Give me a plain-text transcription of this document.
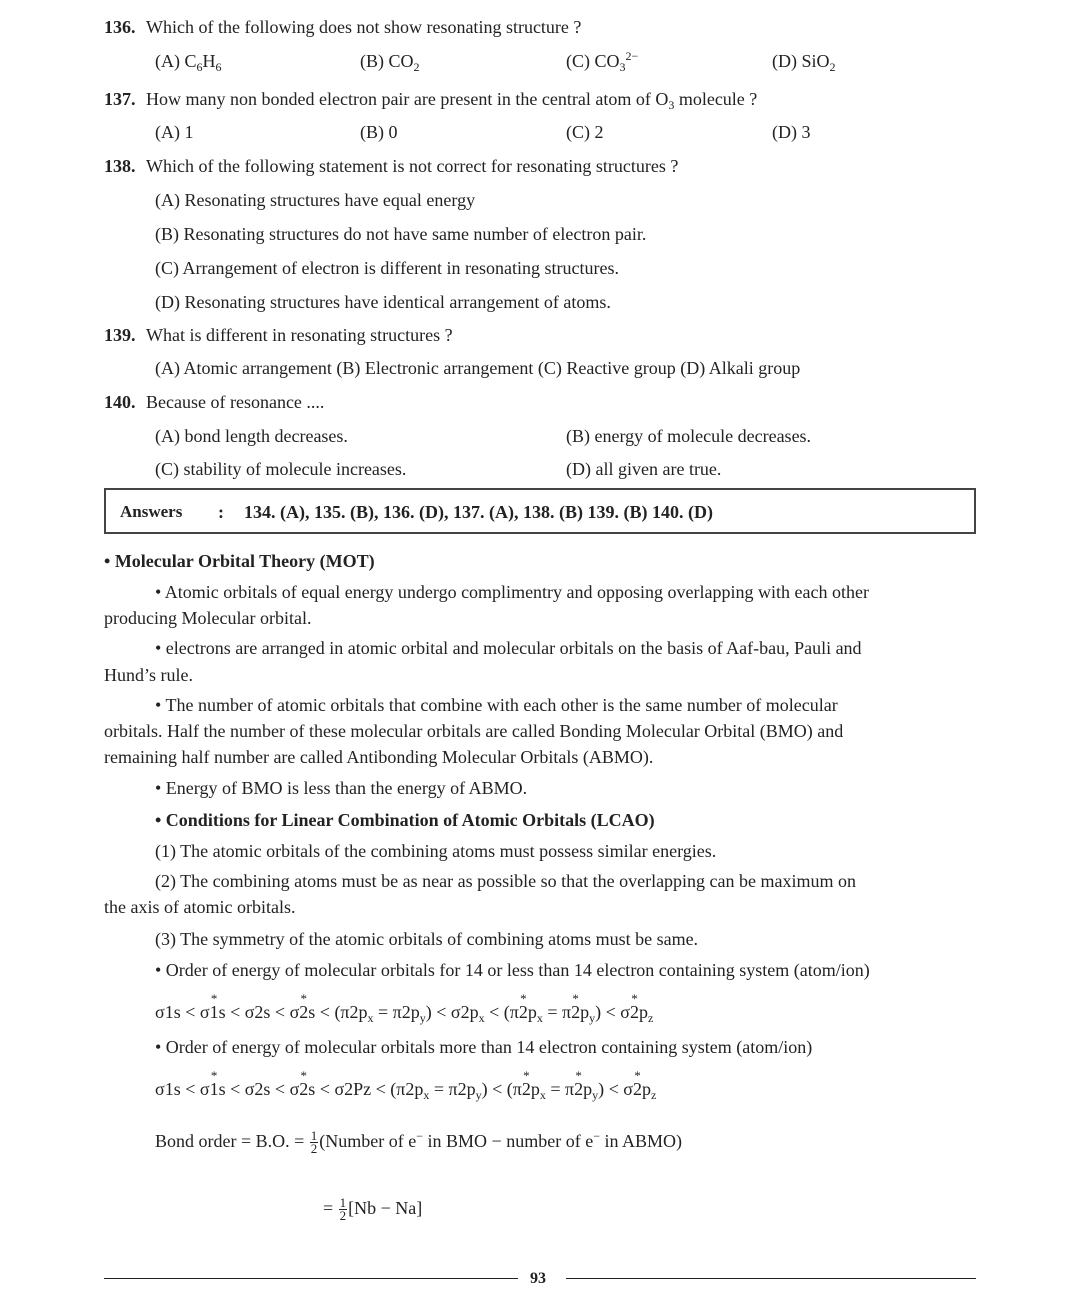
136. Which of the following does not show resonating structure ?
(A) $C_6H_6$	(B) $CO_2$	(C) $CO_3^{2-}$	(D) SiO$_2$
137. How many non bonded electron pair are present in the central atom of $O_3$ molecule ?
(A) 1	(B) 0	(C) 2	(D) 3
138. Which of the following statement is not correct for resonating structures ?
(A) Resonating structures have equal energy
(B) Resonating structures do not have same number of electron pair.
(C) Arrangement of electron is different in resonating structures.
(D) Resonating structures have identical arrangement of atoms.
139. What is different in resonating structures ?
(A) Atomic arrangement (B) Electronic arrangement (C) Reactive group (D) Alkali group
140. Because of resonance ....
(A) bond length decreases.	(B) energy of molecule decreases.
(C) stability of molecule increases.	(D) all given are true.
Answers : 134. (A), 135. (B), 136. (D), 137. (A), 138. (B) 139. (B) 140. (D)
• Molecular Orbital Theory (MOT)
• Atomic orbitals of equal energy undergo complimentry and opposing overlapping with each other
producing Molecular orbital.
• electrons are arranged in atomic orbital and molecular orbitals on the basis of Aaf-bau, Pauli and
Hund’s rule.
• The number of atomic orbitals that combine with each other is the same number of molecular
orbitals. Half the number of these molecular orbitals are called Bonding Molecular Orbital (BMO) and
remaining half number are called Antibonding Molecular Orbitals (ABMO).
• Energy of BMO is less than the energy of ABMO.
• Conditions for Linear Combination of Atomic Orbitals (LCAO)
(1) The atomic orbitals of the combining atoms must possess similar energies.
(2) The combining atoms must be as near as possible so that the overlapping can be maximum on
the axis of atomic orbitals.
(3) The symmetry of the atomic orbitals of combining atoms must be same.
• Order of energy of molecular orbitals for 14 or less than 14 electron containing system (atom/ion)
σ1s < σ* 1s < σ2s < σ* $2s < (\pi 2p_x = \pi 2p_y) < \sigma 2p_x < (\pi*$ $2p_x = \pi*$ $2p_y) < \sigma*$ $2p_z$
• Order of energy of molecular orbitals more than 14 electron containing system (atom/ion)
σ1s < σ* 1s < σ2s < σ* $2s < \sigma 2Pz < (\pi 2p_x = \pi 2p_y) < (\pi*$ $2p_x = \pi*$ $2p_y) < \sigma*$ $2p_z$
Bond order = B.O. = $\frac{1}{2}$ (Number of e− in BMO − number of e− in ABMO)
= $\frac{1}{2} [Nb - Na]$
93
